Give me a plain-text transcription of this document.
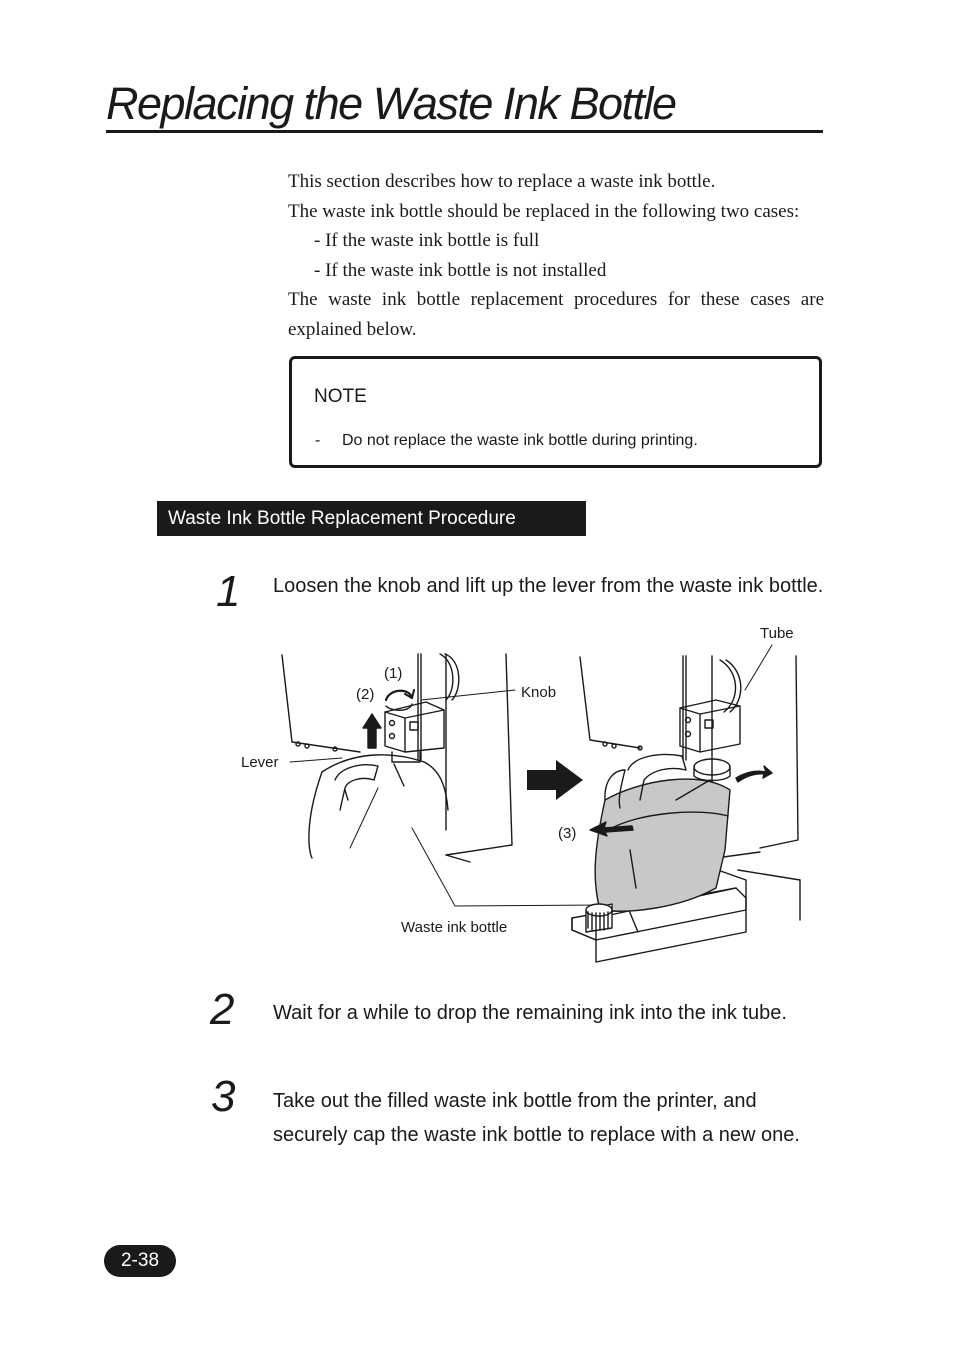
Replacing the Waste Ink Bottle
This section describes how to replace a waste ink bottle.
The waste ink bottle should be replaced in the following two cases:
- If the waste ink bottle is full
- If the waste ink bottle is not installed
The waste ink bottle replacement procedures for these cases are
explained below.
NOTE
- Do not replace the waste ink bottle during printing.
Waste Ink Bottle Replacement Procedure
1 Loosen the knob and lift up the lever from the waste ink bottle.
2 Wait for a while to drop the remaining ink into the ink tube.
3 Take out the filled waste ink bottle from the printer, and securely cap the waste ink bottle to replace with a new one.
Tube
Knob
Lever
Waste ink bottle
(1)
(2)
(3)
2-38
